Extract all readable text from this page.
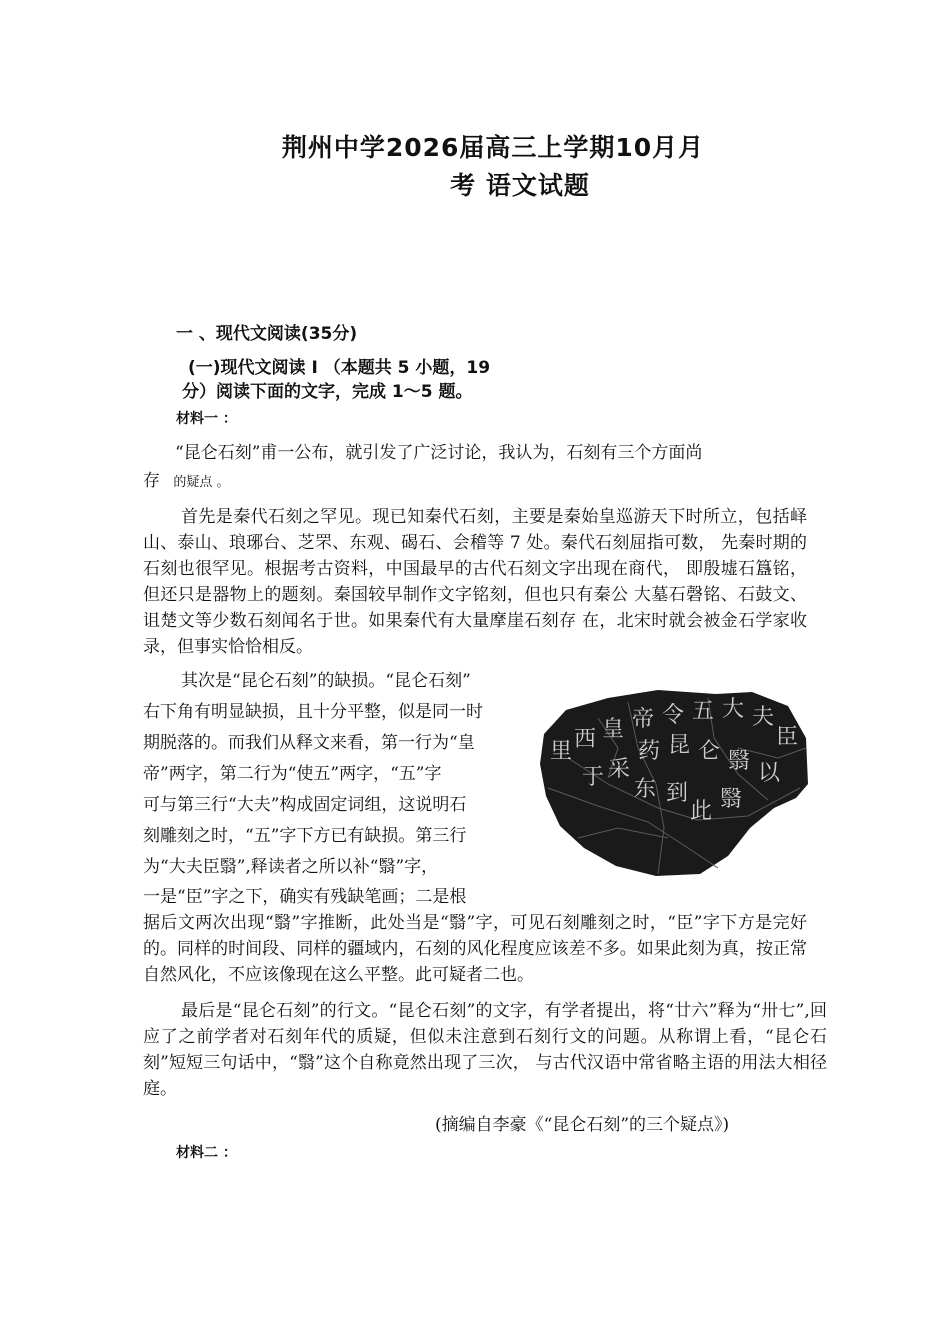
荆州中学2026届高三上学期10月月
考 语文试题
一 、现代文阅读(35分)
(一)现代文阅读 I （本题共 5 小题，19
分）阅读下面的文字，完成 1～5 题。
材料一 ：
“昆仑石刻”甫一公布，就引发了广泛讨论，我认为，石刻有三个方面尚
存 的疑点 。
首先是秦代石刻之罕见。现已知秦代石刻，主要是秦始皇巡游天下时所立，包括峄山、泰山、琅琊台、芝罘、东观、碣石、会稽等 7 处。秦代石刻屈指可数， 先秦时期的石刻也很罕见。根据考古资料，中国最早的古代石刻文字出现在商代， 即殷墟石簋铭，但还只是器物上的题刻。秦国较早制作文字铭刻，但也只有秦公 大墓石磬铭、石鼓文、诅楚文等少数石刻闻名于世。如果秦代有大量摩崖石刻存 在，北宋时就会被金石学家收录，但事实恰恰相反。
其次是“昆仑石刻”的缺损。“昆仑石刻”
右下角有明显缺损，且十分平整，似是同一时
期脱落的。而我们从释文来看，第一行为“皇
帝”两字，第二行为“使五”两字，“五”字
可与第三行“大夫”构成固定词组，这说明石
刻雕刻之时，“五”字下方已有缺损。第三行
为“大夫臣翳”,释读者之所以补“翳”字，
一是“臣”字之下，确实有残缺笔画；二是根
里 西 皇 帝 令 五 大 夫
臣
于 采
药 昆 仑 翳 以
东 到
此 翳
据后文两次出现“翳”字推断，此处当是“翳”字，可见石刻雕刻之时，“臣”字下方是完好的。同样的时间段、同样的疆域内，石刻的风化程度应该差不多。如果此刻为真，按正常自然风化，不应该像现在这么平整。此可疑者二也。
最后是“昆仑石刻”的行文。“昆仑石刻”的文字，有学者提出，将“廿六”释为“卅七”,回应了之前学者对石刻年代的质疑，但似未注意到石刻行文的问题。从称谓上看，“昆仑石刻”短短三句话中，“翳”这个自称竟然出现了三次， 与古代汉语中常省略主语的用法大相径庭。
(摘编自李豪《“昆仑石刻”的三个疑点》)
材料二 ：
